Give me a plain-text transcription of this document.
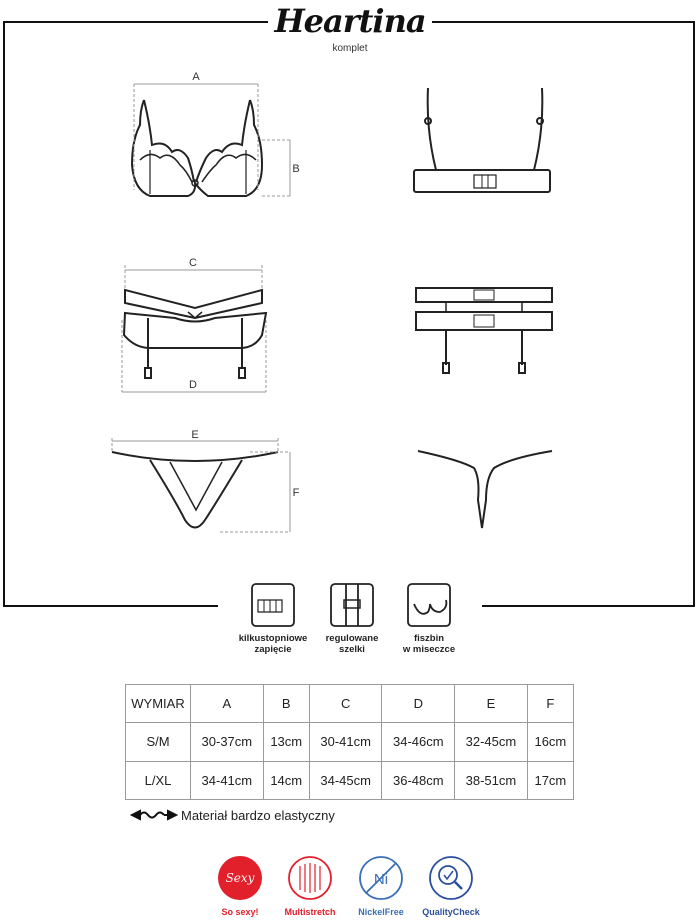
A
B
C
D
E
F
Sexy	Ni
Heartina
komplet
kilkustopniowe
zapięcie
regulowane
szelki
fiszbin
w miseczce
WYMIAR	A	B	C	D	E	F
S/M	30-37cm	13cm	30-41cm	34-46cm	32-45cm	16cm
L/XL	34-41cm	14cm	34-45cm	36-48cm	38-51cm	17cm
Materiał bardzo elastyczny
So sexy!	Multistretch	NickelFree	QualityCheck
